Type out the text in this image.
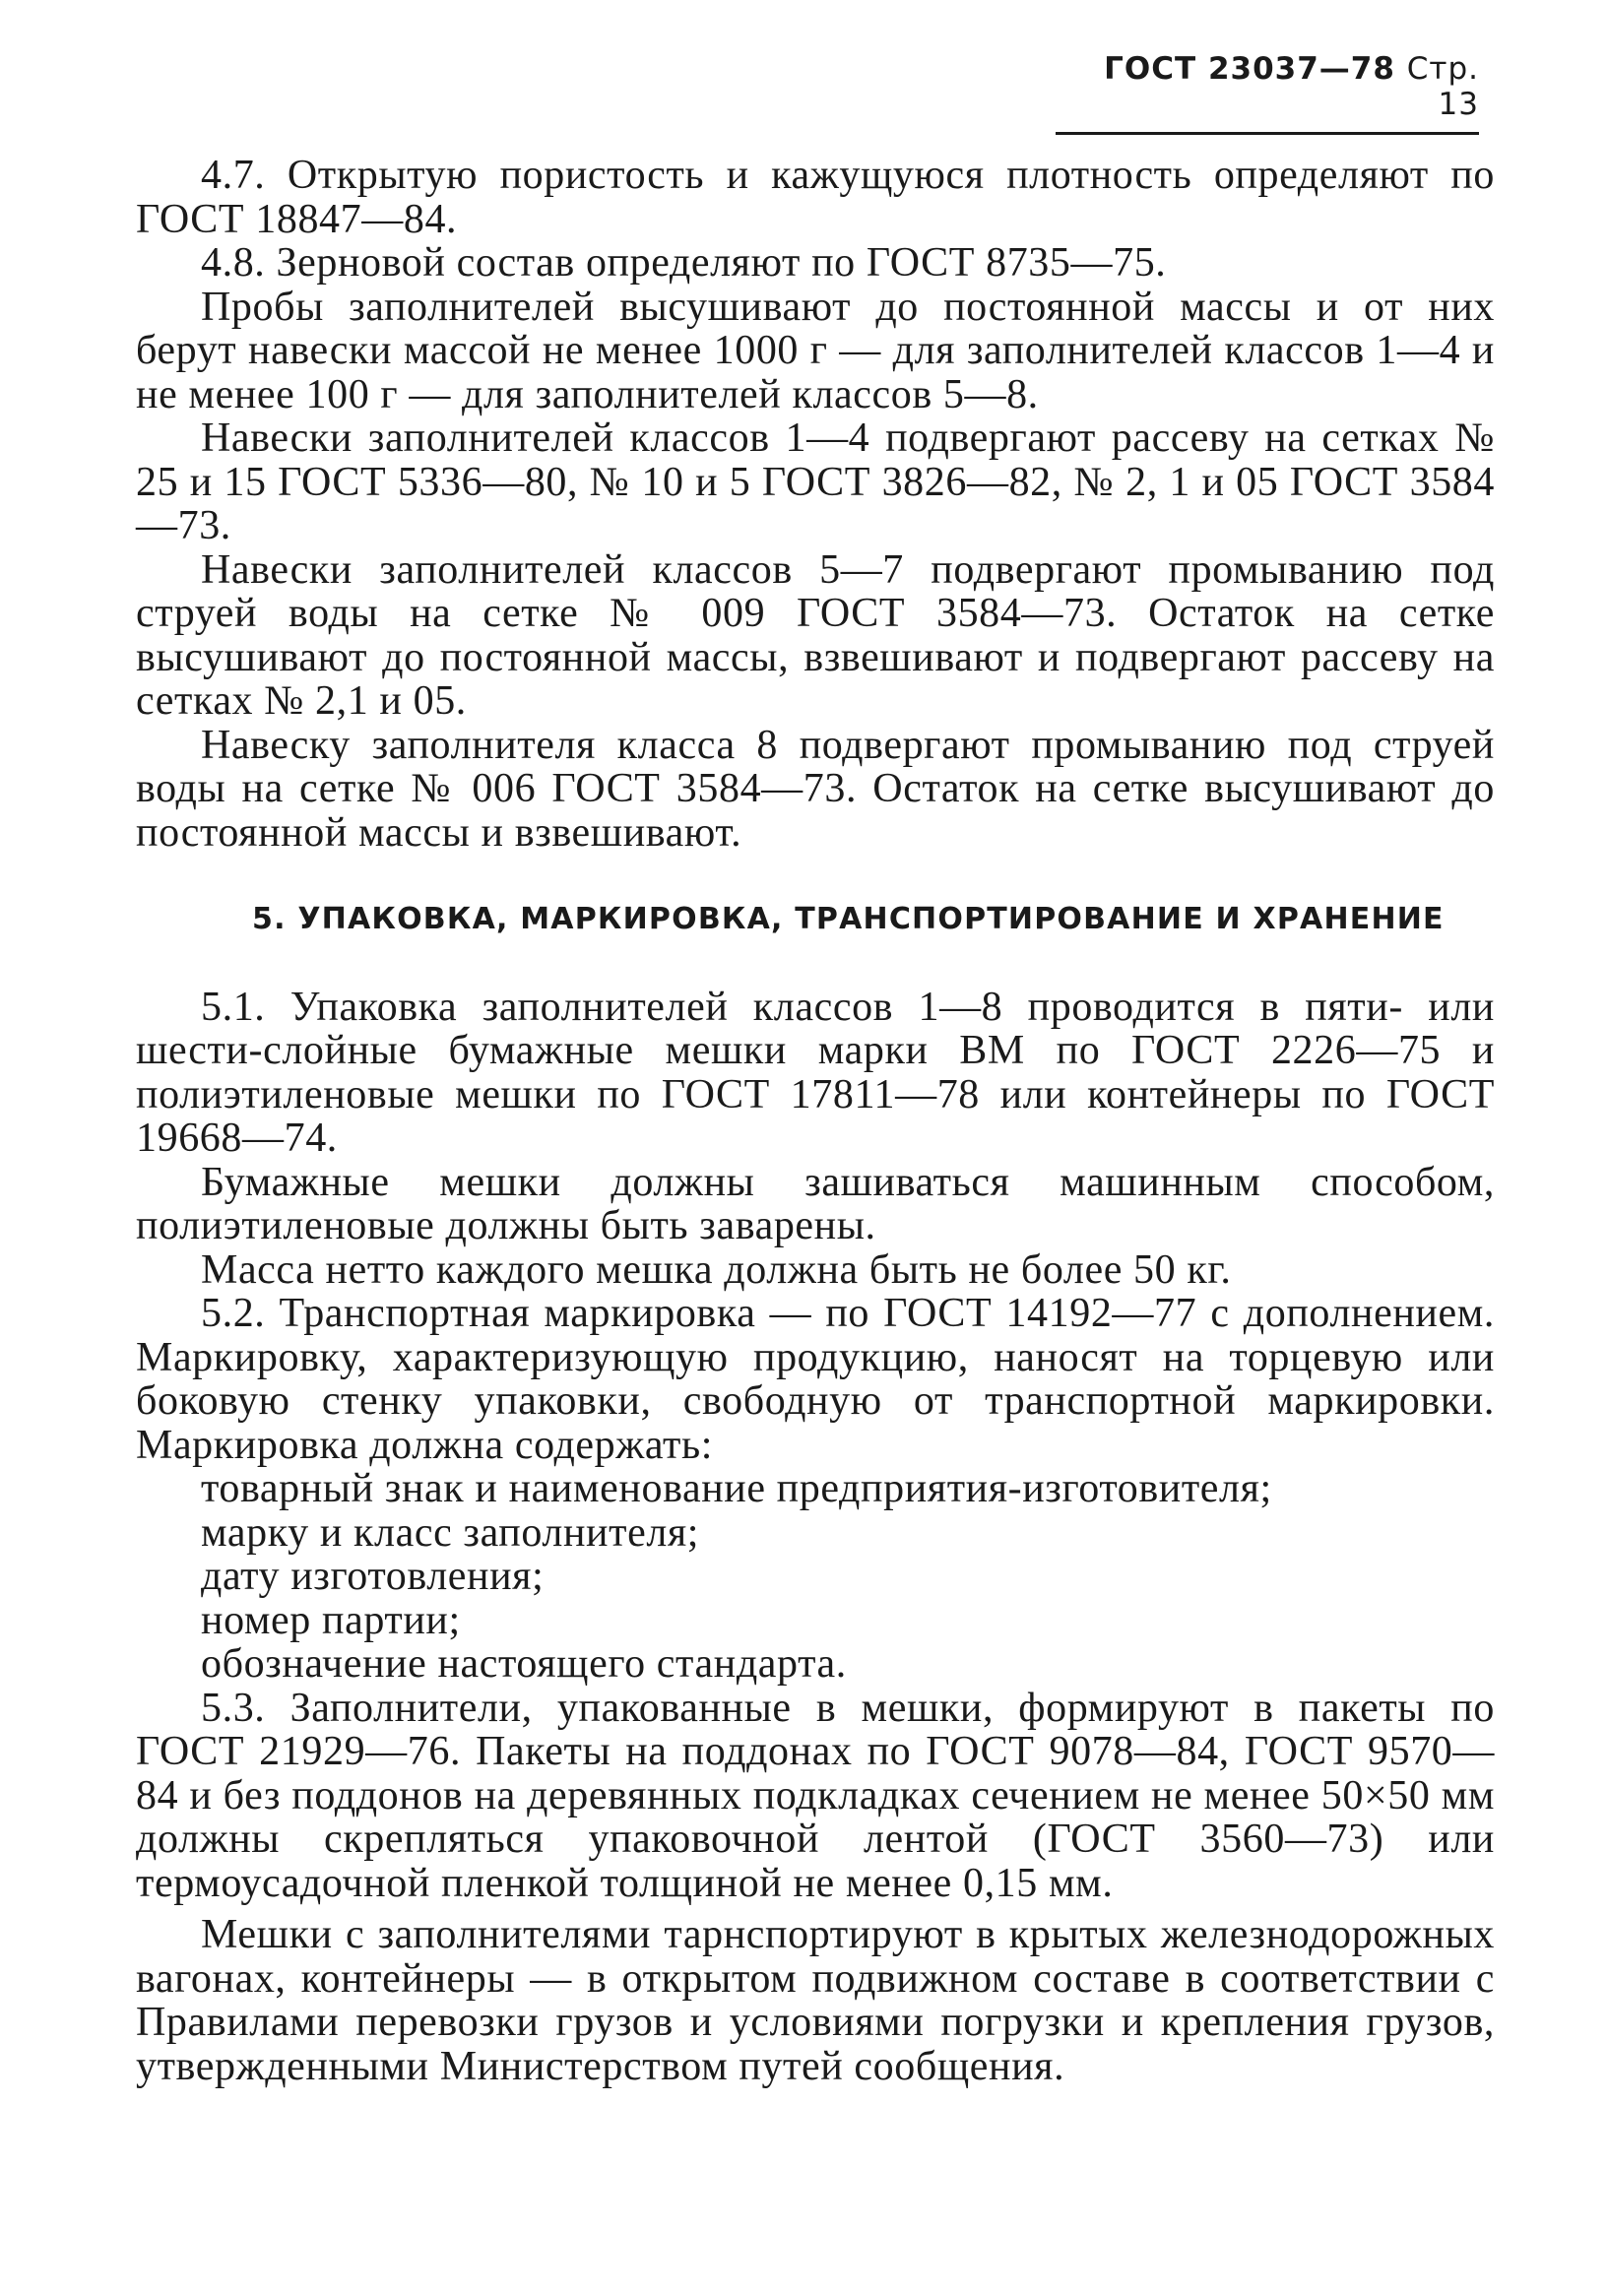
ГОСТ 23037—78 Стр. 13

4.7. Открытую пористость и кажущуюся плотность определяют по ГОСТ 18847—84.

4.8. Зерновой состав определяют по ГОСТ 8735—75.

Пробы заполнителей высушивают до постоянной массы и от них берут навески массой не менее 1000 г — для заполнителей классов 1—4 и не менее 100 г — для заполнителей классов 5—8.

Навески заполнителей классов 1—4 подвергают рассеву на сетках № 25 и 15 ГОСТ 5336—80, № 10 и 5 ГОСТ 3826—82, № 2, 1 и 05 ГОСТ 3584—73.

Навески заполнителей классов 5—7 подвергают промыванию под струей воды на сетке № 009 ГОСТ 3584—73. Остаток на сетке высушивают до постоянной массы, взвешивают и подвергают рассеву на сетках № 2,1 и 05.

Навеску заполнителя класса 8 подвергают промыванию под струей воды на сетке № 006 ГОСТ 3584—73. Остаток на сетке высушивают до постоянной массы и взвешивают.

5. УПАКОВКА, МАРКИРОВКА, ТРАНСПОРТИРОВАНИЕ И ХРАНЕНИЕ

5.1. Упаковка заполнителей классов 1—8 проводится в пяти- или шести-слойные бумажные мешки марки ВМ по ГОСТ 2226—75 и полиэтиленовые мешки по ГОСТ 17811—78 или контейнеры по ГОСТ 19668—74.

Бумажные мешки должны зашиваться машинным способом, полиэтиленовые должны быть заварены.

Масса нетто каждого мешка должна быть не более 50 кг.

5.2. Транспортная маркировка — по ГОСТ 14192—77 с дополнением. Маркировку, характеризующую продукцию, наносят на торцевую или боковую стенку упаковки, свободную от транспортной маркировки. Маркировка должна содержать:

товарный знак и наименование предприятия-изготовителя;

марку и класс заполнителя;

дату изготовления;

номер партии;

обозначение настоящего стандарта.

5.3. Заполнители, упакованные в мешки, формируют в пакеты по ГОСТ 21929—76. Пакеты на поддонах по ГОСТ 9078—84, ГОСТ 9570—84 и без поддонов на деревянных подкладках сечением не менее 50×50 мм должны скрепляться упаковочной лентой (ГОСТ 3560—73) или термоусадочной пленкой толщиной не менее 0,15 мм.

Мешки с заполнителями тарнспортируют в крытых железнодорожных вагонах, контейнеры — в открытом подвижном составе в соответствии с Правилами перевозки грузов и условиями погрузки и крепления грузов, утвержденными Министерством путей сообщения.
